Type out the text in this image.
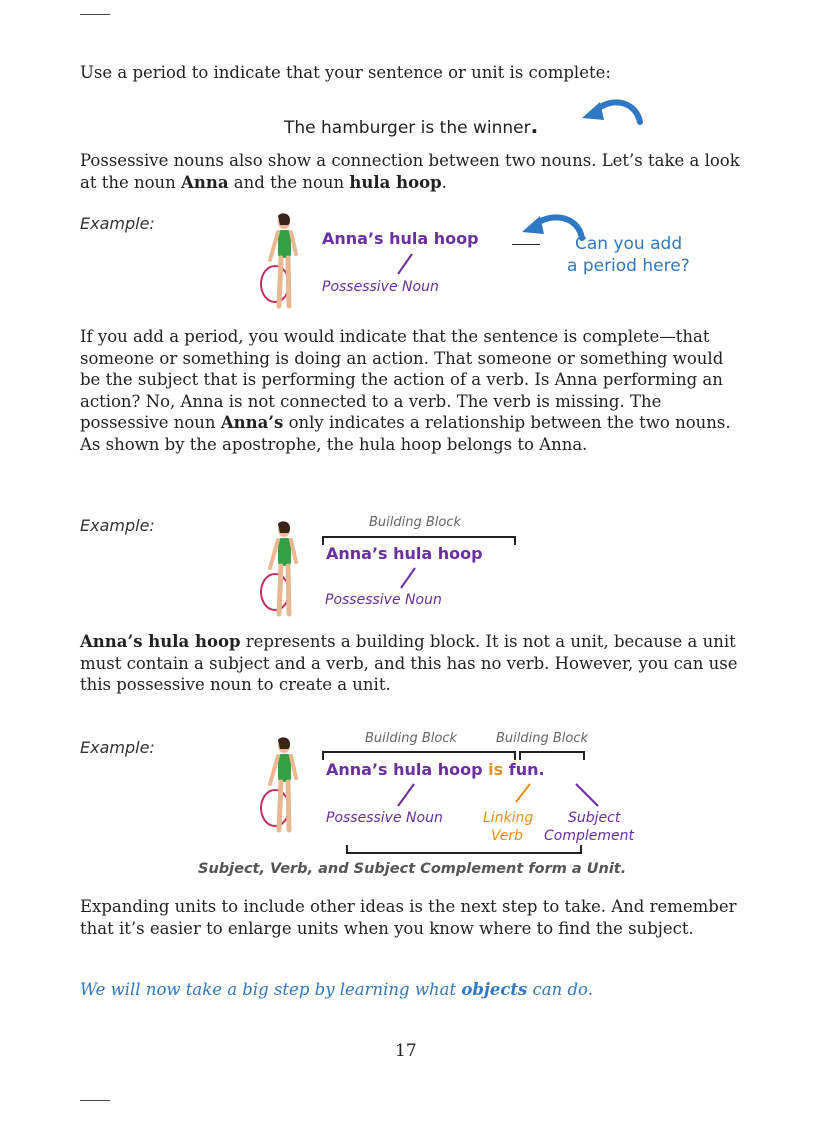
Use a period to indicate that your sentence or unit is complete:

The hamburger is the winner.

Possessive nouns also show a connection between two nouns. Let’s take a look at the noun Anna and the noun hula hoop.

Example:
Anna’s hula hoop	Can you add
a period here?
Possessive Noun

If you add a period, you would indicate that the sentence is complete—that someone or something is doing an action. That someone or something would be the subject that is performing the action of a verb. Is Anna performing an action? No, Anna is not connected to a verb. The verb is missing. The possessive noun Anna’s only indicates a relationship between the two nouns. As shown by the apostrophe, the hula hoop belongs to Anna.

Example:	Building Block
Anna’s hula hoop
Possessive Noun

Anna’s hula hoop represents a building block. It is not a unit, because a unit must contain a subject and a verb, and this has no verb. However, you can use this possessive noun to create a unit.

Example:	Building Block	Building Block
Anna’s hula hoop is fun.
Possessive Noun	Linking
Verb
Subject
Complement
Subject, Verb, and Subject Complement form a Unit.

Expanding units to include other ideas is the next step to take. And remember that it’s easier to enlarge units when you know where to find the subject.

We will now take a big step by learning what objects can do.

17
